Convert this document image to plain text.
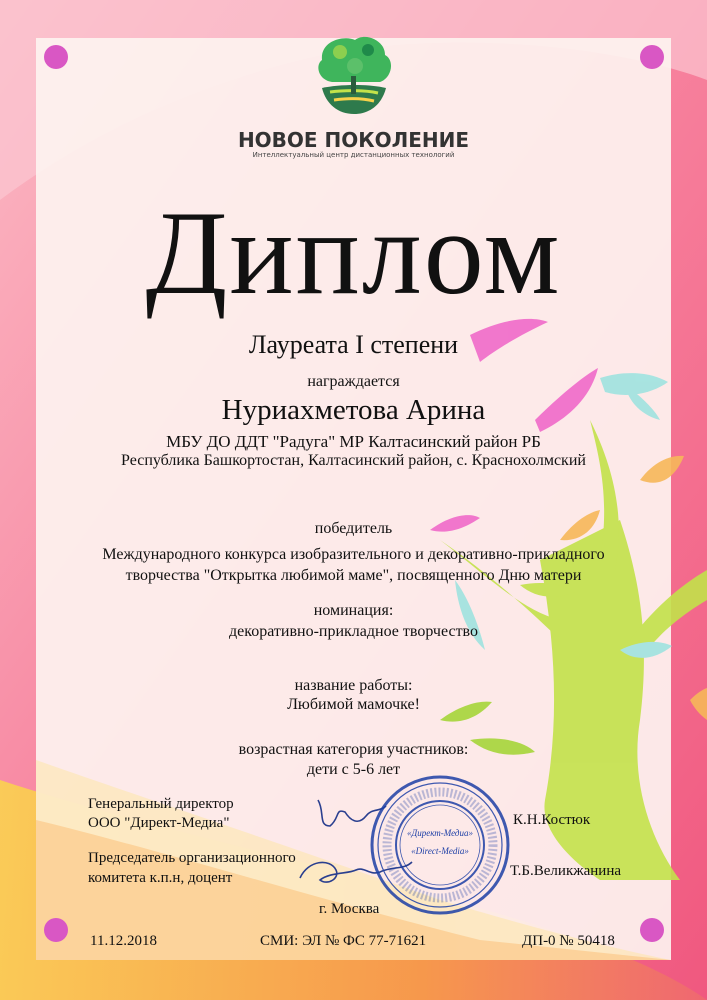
НОВОЕ ПОКОЛЕНИЕ
Интеллектуальный центр дистанционных технологий
Диплом
Лауреата I степени
награждается
Нуриахметова Арина
МБУ ДО ДДТ "Радуга" МР Калтасинский район РБ
Республика Башкортостан, Калтасинский район, с. Краснохолмский
победитель
Международного конкурса изобразительного и декоративно-прикладного
творчества "Открытка любимой маме", посвященного Дню матери
номинация:
декоративно-прикладное творчество
название работы:
Любимой мамочке!
возрастная категория участников:
дети с 5-6 лет
Генеральный директор
ООО "Директ-Медиа"	К.Н.Костюк
Председатель организационного
комитета к.п.н, доцент	Т.Б.Великжанина
«Директ-Медиа»
«Direct-Media»
г. Москва
11.12.2018	СМИ: ЭЛ № ФС 77-71621	ДП-0 № 50418
